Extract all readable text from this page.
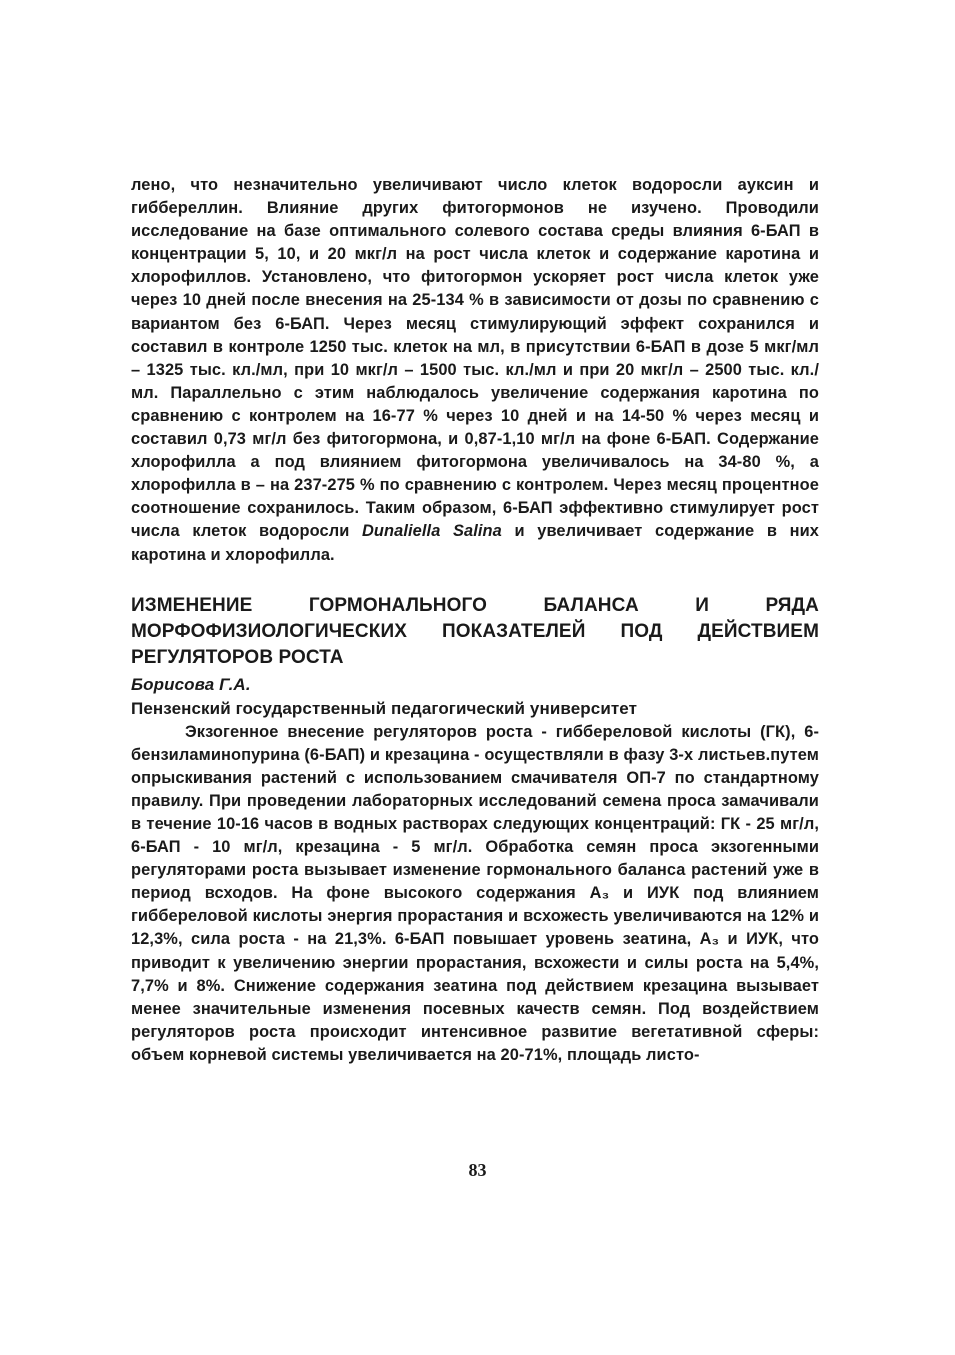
лено, что незначительно увеличивают число клеток водоросли ауксин и гиббереллин. Влияние других фитогормонов не изучено. Проводили исследование на базе оптимального солевого состава среды влияния 6-БАП в концентрации 5, 10, и 20 мкг/л на рост числа клеток и содержание каротина и хлорофиллов. Установлено, что фитогормон ускоряет рост числа клеток уже через 10 дней после внесения на 25-134 % в зависимости от дозы по сравнению с вариантом без 6-БАП. Через месяц стимулирующий эффект сохранился и составил в контроле 1250 тыс. клеток на мл, в присутствии 6-БАП в дозе 5 мкг/мл – 1325 тыс. кл./мл, при 10 мкг/л – 1500 тыс. кл./мл и при 20 мкг/л – 2500 тыс. кл./ мл. Параллельно с этим наблюдалось увеличение содержания каротина по сравнению с контролем на 16-77 % через 10 дней и на 14-50 % через месяц и составил 0,73 мг/л без фитогормона, и 0,87-1,10 мг/л на фоне 6-БАП. Содержание хлорофилла а под влиянием фитогормона увеличивалось на 34-80 %, а хлорофилла в – на 237-275 % по сравнению с контролем. Через месяц процентное соотношение сохранилось. Таким образом, 6-БАП эффективно стимулирует рост числа клеток водоросли Dunaliella Salina и увеличивает содержание в них каротина и хлорофилла.

ИЗМЕНЕНИЕ ГОРМОНАЛЬНОГО БАЛАНСА И РЯДА МОРФОФИЗИОЛОГИЧЕСКИХ ПОКАЗАТЕЛЕЙ ПОД ДЕЙСТВИЕМ РЕГУЛЯТОРОВ РОСТА

Борисова Г.А.

Пензенский государственный педагогический университет

Экзогенное внесение регуляторов роста - гиббереловой кислоты (ГК), 6-бензиламинопурина (6-БАП) и крезацина - осуществляли в фазу 3-х листьев.путем опрыскивания растений с использованием смачивателя ОП-7 по стандартному правилу. При проведении лабораторных исследований семена проса замачивали в течение 10-16 часов в водных растворах следующих концентраций: ГК - 25 мг/л, 6-БАП - 10 мг/л, крезацина - 5 мг/л. Обработка семян проса экзогенными регуляторами роста вызывает изменение гормонального баланса растений уже в период всходов. На фоне высокого содержания А₃ и ИУК под влиянием гиббереловой кислоты энергия прорастания и всхожесть увеличиваются на 12% и 12,3%, сила роста - на 21,3%. 6-БАП повышает уровень зеатина, А₃ и ИУК, что приводит к увеличению энергии прорастания, всхожести и силы роста на 5,4%, 7,7% и 8%. Снижение содержания зеатина под действием крезацина вызывает менее значительные изменения посевных качеств семян. Под воздействием регуляторов роста происходит интенсивное развитие вегетативной сферы: объем корневой системы увеличивается на 20-71%, площадь листо-

83
